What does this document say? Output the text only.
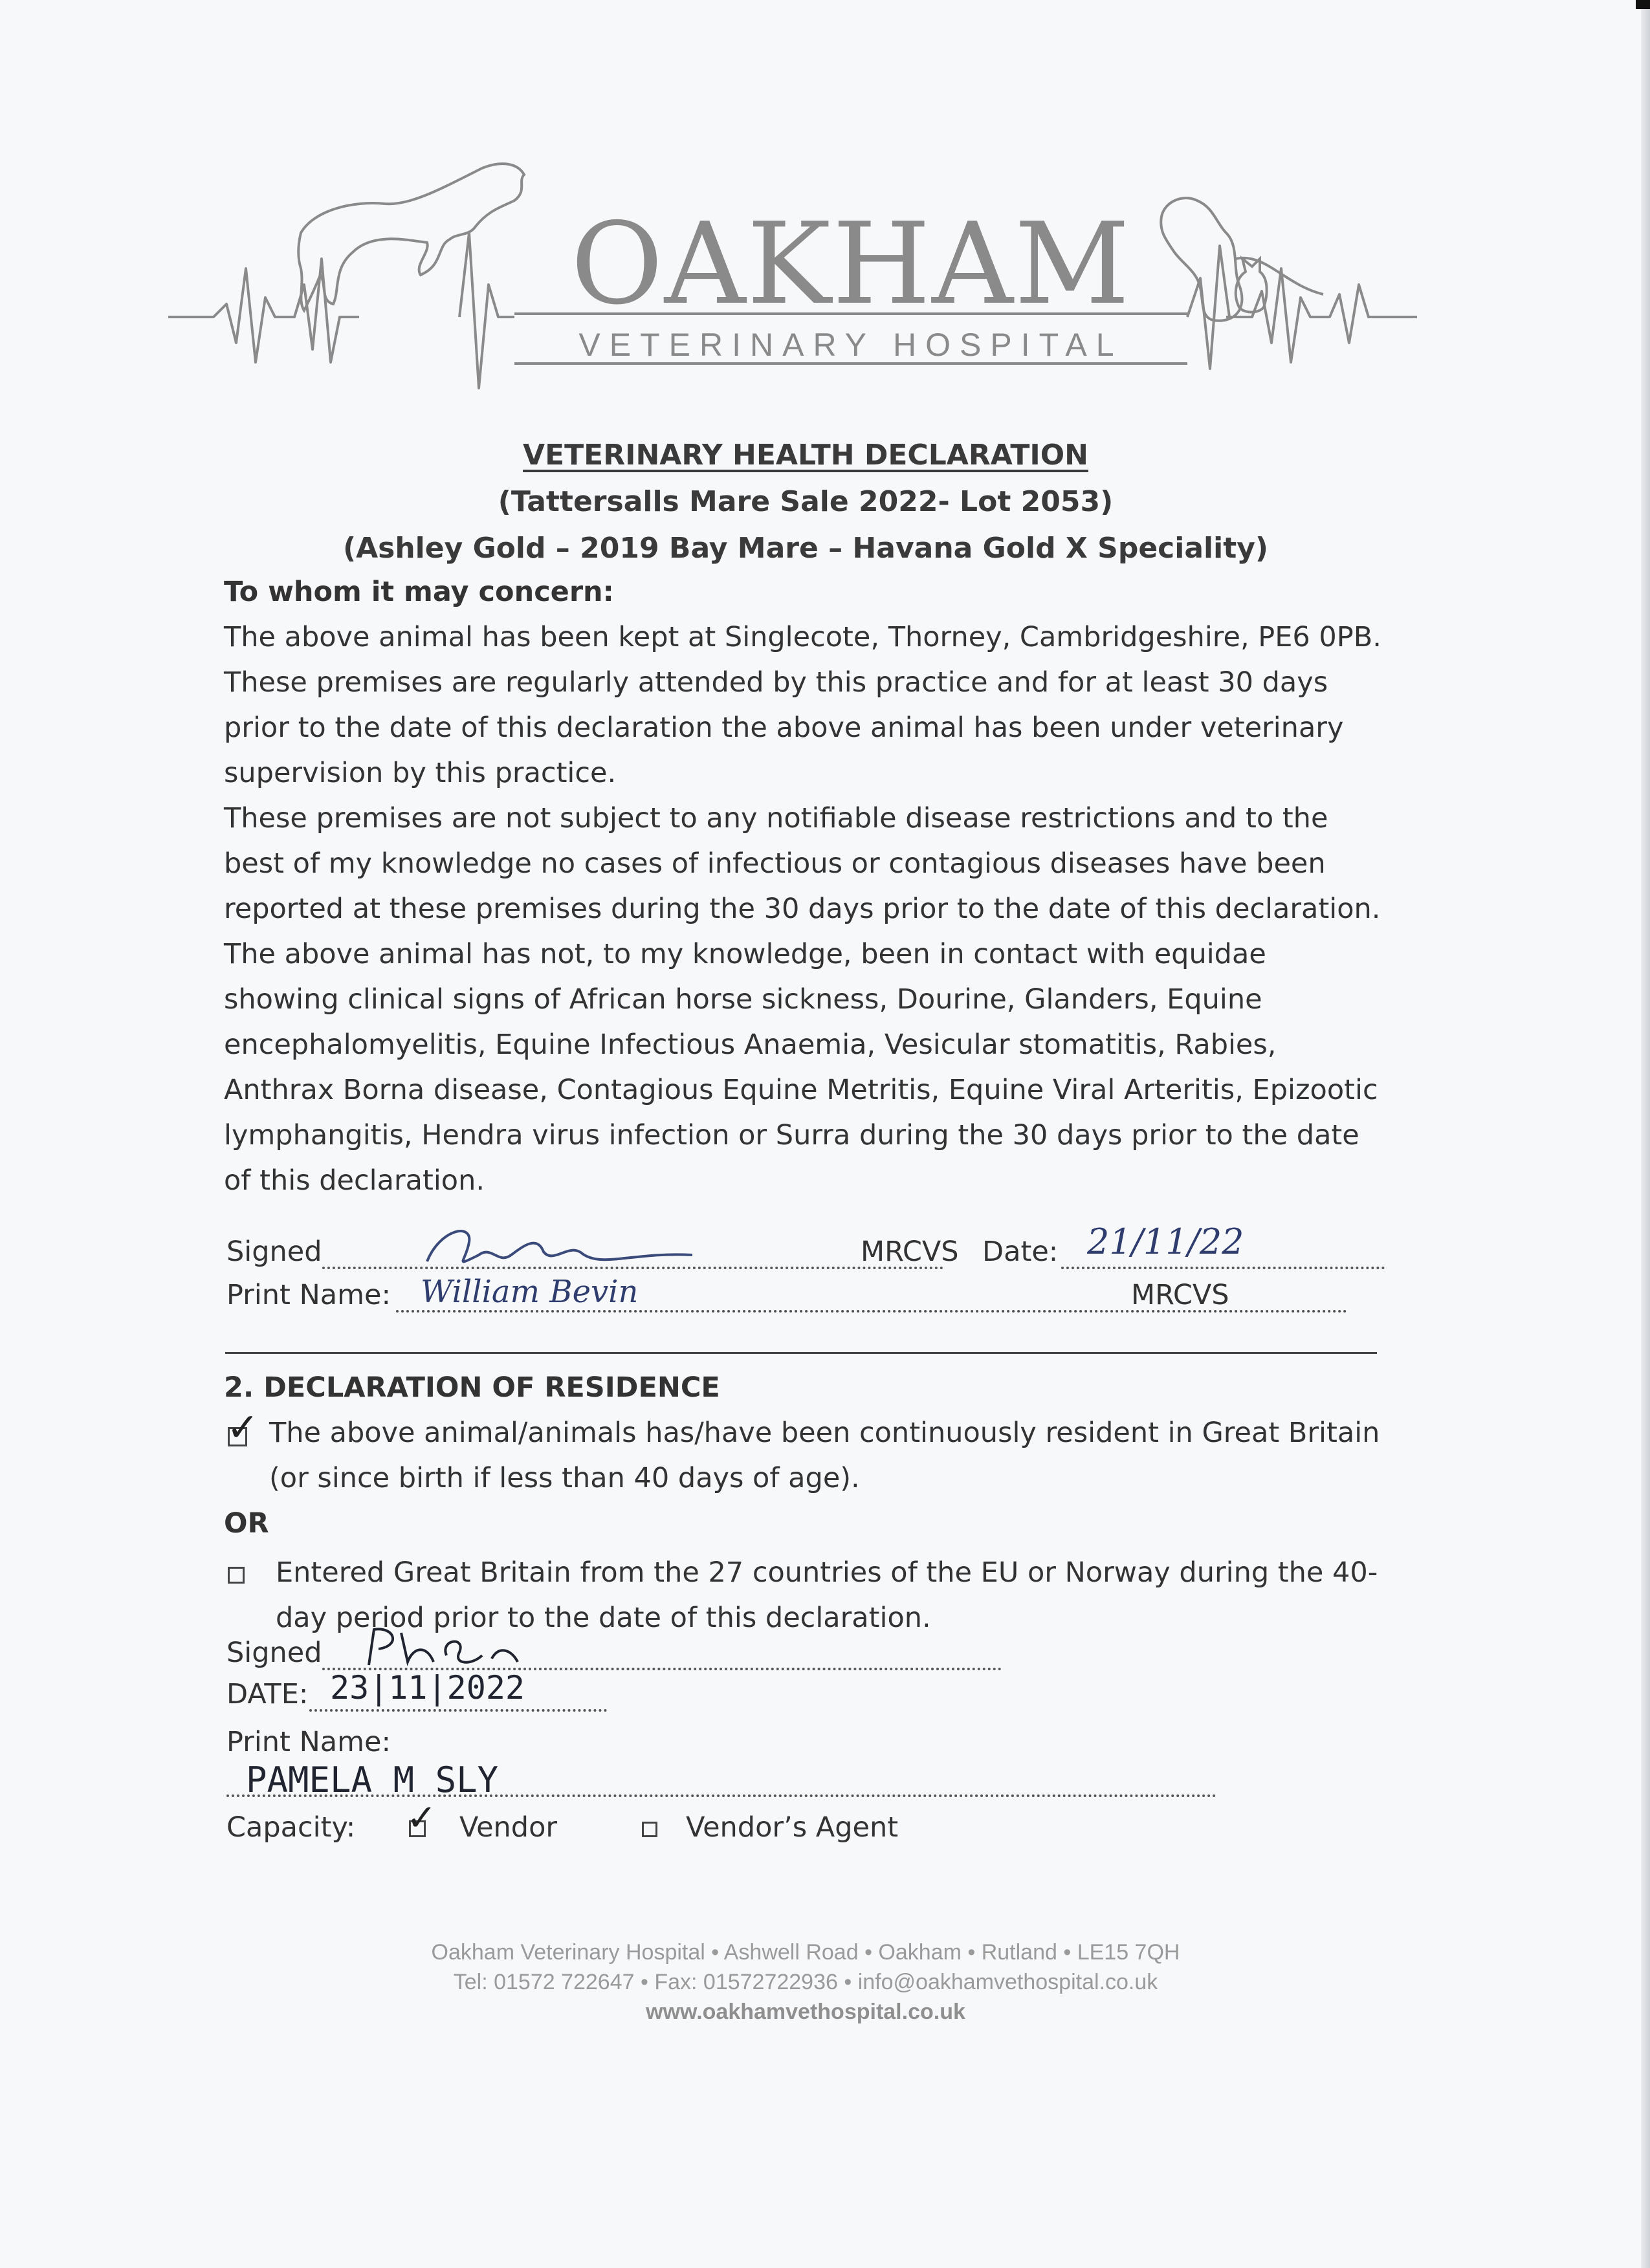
OAKHAM
VETERINARY HOSPITAL
VETERINARY HEALTH DECLARATION
(Tattersalls Mare Sale 2022- Lot 2053)
(Ashley Gold – 2019 Bay Mare – Havana Gold X Speciality)
To whom it may concern:

The above animal has been kept at Singlecote, Thorney, Cambridgeshire, PE6 0PB. These premises are regularly attended by this practice and for at least 30 days prior to the date of this declaration the above animal has been under veterinary supervision by this practice.

These premises are not subject to any notifiable disease restrictions and to the best of my knowledge no cases of infectious or contagious diseases have been reported at these premises during the 30 days prior to the date of this declaration.

The above animal has not, to my knowledge, been in contact with equidae showing clinical signs of African horse sickness, Dourine, Glanders, Equine encephalomyelitis, Equine Infectious Anaemia, Vesicular stomatitis, Rabies, Anthrax Borna disease, Contagious Equine Metritis, Equine Viral Arteritis, Epizootic lymphangitis, Hendra virus infection or Surra during the 30 days prior to the date of this declaration.

Signed	MRCVS Date: 21/11/22
Print Name: William Bevin	MRCVS
2. DECLARATION OF RESIDENCE
✓ The above animal/animals has/have been continuously resident in Great Britain (or since birth if less than 40 days of age).
OR
Entered Great Britain from the 27 countries of the EU or Norway during the 40-day period prior to the date of this declaration.
Signed
DATE: 23|11|2022
Print Name:
PAMELA M SLY
Capacity: ✓ Vendor	Vendor’s Agent
Oakham Veterinary Hospital • Ashwell Road • Oakham • Rutland • LE15 7QH
Tel: 01572 722647 • Fax: 01572722936 • info@oakhamvethospital.co.uk
www.oakhamvethospital.co.uk
